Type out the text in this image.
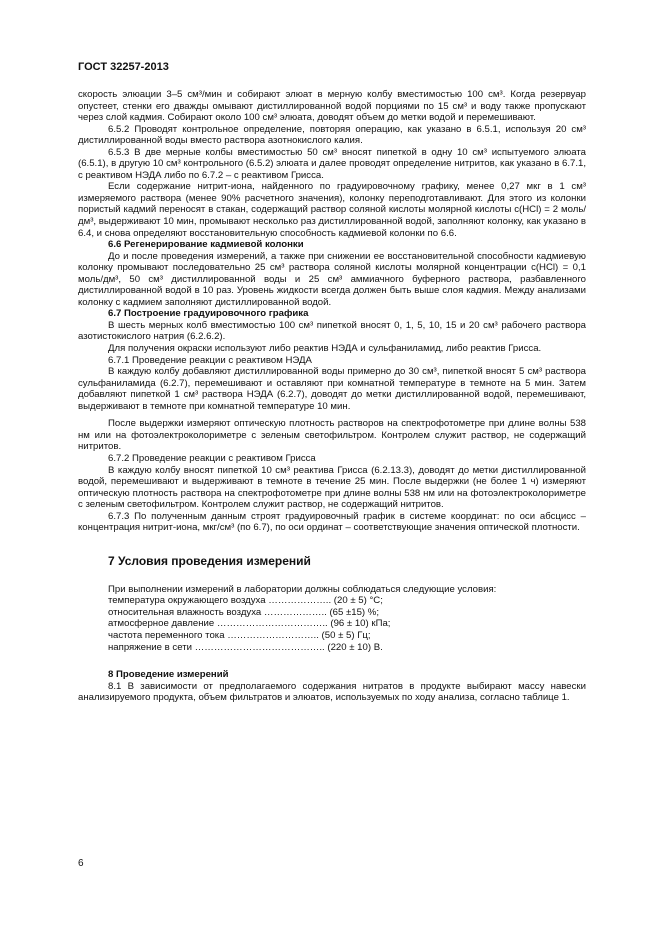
ГОСТ 32257-2013

скорость элюации 3–5 см³/мин и собирают элюат в мерную колбу вместимостью 100 см³. Когда резервуар опустеет, стенки его дважды омывают дистиллированной водой порциями по 15 см³ и воду также пропускают через слой кадмия. Собирают около 100 см³ элюата, доводят объем до метки водой и перемешивают.

6.5.2 Проводят контрольное определение, повторяя операцию, как указано в 6.5.1, используя 20 см³ дистиллированной воды вместо раствора азотнокислого калия.

6.5.3 В две мерные колбы вместимостью 50 см³ вносят пипеткой в одну 10 см³ испытуемого элюата (6.5.1), в другую 10 см³ контрольного (6.5.2) элюата и далее проводят определение нитритов, как указано в 6.7.1, с реактивом НЭДА либо по 6.7.2 – с реактивом Грисса.

Если содержание нитрит-иона, найденного по градуировочному графику, менее 0,27 мкг в 1 см³ измеряемого раствора (менее 90% расчетного значения), колонку переподготавливают. Для этого из колонки пористый кадмий переносят в стакан, содержащий раствор соляной кислоты молярной кислоты c(HCl) = 2 моль/дм³, выдерживают 10 мин, промывают несколько раз дистиллированной водой, заполняют колонку, как указано в 6.4, и снова определяют восстановительную способность кадмиевой колонки по 6.6.

6.6 Регенерирование кадмиевой колонки

До и после проведения измерений, а также при снижении ее восстановительной способности кадмиевую колонку промывают последовательно 25 см³ раствора соляной кислоты молярной концентрации c(HCl) = 0,1 моль/дм³, 50 см³ дистиллированной воды и 25 см³ аммиачного буферного раствора, разбавленного дистиллированной водой в 10 раз. Уровень жидкости всегда должен быть выше слоя кадмия. Между анализами колонку с кадмием заполняют дистиллированной водой.

6.7 Построение градуировочного графика

В шесть мерных колб вместимостью 100 см³ пипеткой вносят 0, 1, 5, 10, 15 и 20 см³ рабочего раствора азотистокислого натрия (6.2.6.2).

Для получения окраски используют либо реактив НЭДА и сульфаниламид, либо реактив Грисса.

6.7.1 Проведение реакции с реактивом НЭДА

В каждую колбу добавляют дистиллированной воды примерно до 30 см³, пипеткой вносят 5 см³ раствора сульфаниламида (6.2.7), перемешивают и оставляют при комнатной температуре в темноте на 5 мин. Затем добавляют пипеткой 1 см³ раствора НЭДА (6.2.7), доводят до метки дистиллированной водой, перемешивают, выдерживают в темноте при комнатной температуре 10 мин.

После выдержки измеряют оптическую плотность растворов на спектрофотометре при длине волны 538 нм или на фотоэлектроколориметре с зеленым светофильтром. Контролем служит раствор, не содержащий нитритов.

6.7.2 Проведение реакции с реактивом Грисса

В каждую колбу вносят пипеткой 10 см³ реактива Грисса (6.2.13.3), доводят до метки дистиллированной водой, перемешивают и выдерживают в темноте в течение 25 мин. После выдержки (не более 1 ч) измеряют оптическую плотность раствора на спектрофотометре при длине волны 538 нм или на фотоэлектроколориметре с зеленым светофильтром. Контролем служит раствор, не содержащий нитритов.

6.7.3 По полученным данным строят градуировочный график в системе координат: по оси абсцисс – концентрация нитрит-иона, мкг/см³ (по 6.7), по оси ординат – соответствующие значения оптической плотности.

7 Условия проведения измерений
При выполнении измерений в лаборатории должны соблюдаться следующие условия:
температура окружающего воздуха ……………….. (20 ± 5) °С;
относительная влажность воздуха ……………….. (65 ±15) %;
атмосферное давление …………………………….. (96 ± 10) кПа;
частота переменного тока ……………………….. (50 ± 5) Гц;
напряжение в сети ………………………………….. (220 ± 10) В.
8 Проведение измерений

8.1 В зависимости от предполагаемого содержания нитратов в продукте выбирают массу навески анализируемого продукта, объем фильтратов и элюатов, используемых по ходу анализа, согласно таблице 1.

6
